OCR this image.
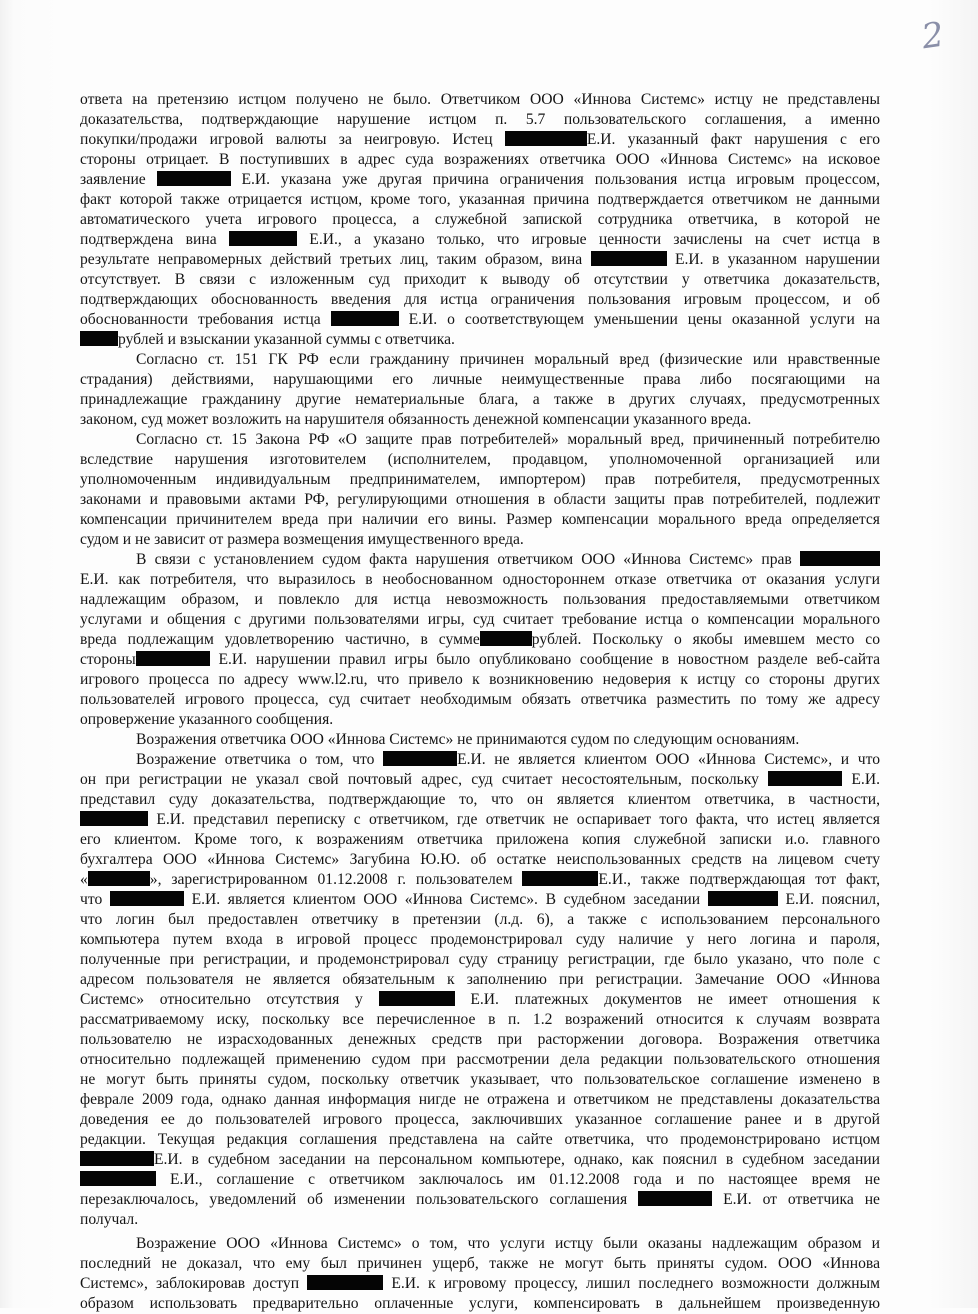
2
ответа на претензию истцом получено не было. Ответчиком ООО «Иннова Системс» истцу не представлены
доказательства, подтверждающие нарушение истцом п. 5.7 пользовательского соглашения, а именно
покупки/продажи игровой валюты за неигровую. Истец	Е.И. указанный факт нарушения с его
стороны отрицает. В поступивших в адрес суда возражениях ответчика ООО «Иннова Системс» на исковое
заявление	Е.И. указана уже другая причина ограничения пользования истца игровым процессом,
факт которой также отрицается истцом, кроме того, указанная причина подтверждается ответчиком не данными
автоматического учета игрового процесса, а служебной запиской сотрудника ответчика, в которой не
подтверждена вина	Е.И., а указано только, что игровые ценности зачислены на счет истца в
результате неправомерных действий третьих лиц, таким образом, вина	Е.И. в указанном нарушении
отсутствует. В связи с изложенным суд приходит к выводу об отсутствии у ответчика доказательств,
подтверждающих обоснованность введения для истца ограничения пользования игровым процессом, и об
обоснованности требования истца	Е.И. о соответствующем уменьшении цены оказанной услуги на
рублей и взыскании указанной суммы с ответчика.
Согласно ст. 151 ГК РФ если гражданину причинен моральный вред (физические или нравственные
страдания) действиями, нарушающими его личные неимущественные права либо посягающими на
принадлежащие гражданину другие нематериальные блага, а также в других случаях, предусмотренных
законом, суд может возложить на нарушителя обязанность денежной компенсации указанного вреда.
Согласно ст. 15 Закона РФ «О защите прав потребителей» моральный вред, причиненный потребителю
вследствие нарушения изготовителем (исполнителем, продавцом, уполномоченной организацией или
уполномоченным индивидуальным предпринимателем, импортером) прав потребителя, предусмотренных
законами и правовыми актами РФ, регулирующими отношения в области защиты прав потребителей, подлежит
компенсации причинителем вреда при наличии его вины. Размер компенсации морального вреда определяется
судом и не зависит от размера возмещения имущественного вреда.
В связи с установлением судом факта нарушения ответчиком ООО «Иннова Системс» прав
Е.И. как потребителя, что выразилось в необоснованном одностороннем отказе ответчика от оказания услуги
надлежащим образом, и повлекло для истца невозможность пользования предоставляемыми ответчиком
услугами и общения с другими пользователями игры, суд считает требование истца о компенсации морального
вреда подлежащим удовлетворению частично, в сумме	рублей. Поскольку о якобы имевшем место со
стороны	Е.И. нарушении правил игры было опубликовано сообщение в новостном разделе веб-сайта
игрового процесса по адресу www.l2.ru, что привело к возникновению недоверия к истцу со стороны других
пользователей игрового процесса, суд считает необходимым обязать ответчика разместить по тому же адресу
опровержение указанного сообщения.
Возражения ответчика ООО «Иннова Системс» не принимаются судом по следующим основаниям.
Возражение ответчика о том, что	Е.И. не является клиентом ООО «Иннова Системс», и что
он при регистрации не указал свой почтовый адрес, суд считает несостоятельным, поскольку	Е.И.
представил суду доказательства, подтверждающие то, что он является клиентом ответчика, в частности,
Е.И. представил переписку с ответчиком, где ответчик не оспаривает того факта, что истец является
его клиентом. Кроме того, к возражениям ответчика приложена копия служебной записки и.о. главного
бухгалтера ООО «Иннова Системс» Загубина Ю.Ю. об остатке неиспользованных средств на лицевом счету
«	», зарегистрированном 01.12.2008 г. пользователем	Е.И., также подтверждающая тот факт,
что	Е.И. является клиентом ООО «Иннова Системс». В судебном заседании	Е.И. пояснил,
что логин был предоставлен ответчику в претензии (л.д. 6), а также с использованием персонального
компьютера путем входа в игровой процесс продемонстрировал суду наличие у него логина и пароля,
полученные при регистрации, и продемонстрировал суду страницу регистрации, где было указано, что поле с
адресом пользователя не является обязательным к заполнению при регистрации. Замечание ООО «Иннова
Системс» относительно отсутствия у	Е.И. платежных документов не имеет отношения к
рассматриваемому иску, поскольку все перечисленное в п. 1.2 возражений относится к случаям возврата
пользователю не израсходованных денежных средств при расторжении договора. Возражения ответчика
относительно подлежащей применению судом при рассмотрении дела редакции пользовательского отношения
не могут быть приняты судом, поскольку ответчик указывает, что пользовательское соглашение изменено в
феврале 2009 года, однако данная информация нигде не отражена и ответчиком не представлены доказательства
доведения ее до пользователей игрового процесса, заключивших указанное соглашение ранее и в другой
редакции. Текущая редакция соглашения представлена на сайте ответчика, что продемонстрировано истцом
Е.И. в судебном заседании на персональном компьютере, однако, как пояснил в судебном заседании
Е.И., соглашение с ответчиком заключалось им 01.12.2008 года и по настоящее время не
перезаключалось, уведомлений об изменении пользовательского соглашения	Е.И. от ответчика не
получал.
Возражение ООО «Иннова Системс» о том, что услуги истцу были оказаны надлежащим образом и
последний не доказал, что ему был причинен ущерб, также не могут быть приняты судом. ООО «Иннова
Системс», заблокировав доступ	Е.И. к игровому процессу, лишил последнего возможности должным
образом использовать предварительно оплаченные услуги, компенсировать в дальнейшем произведенную
